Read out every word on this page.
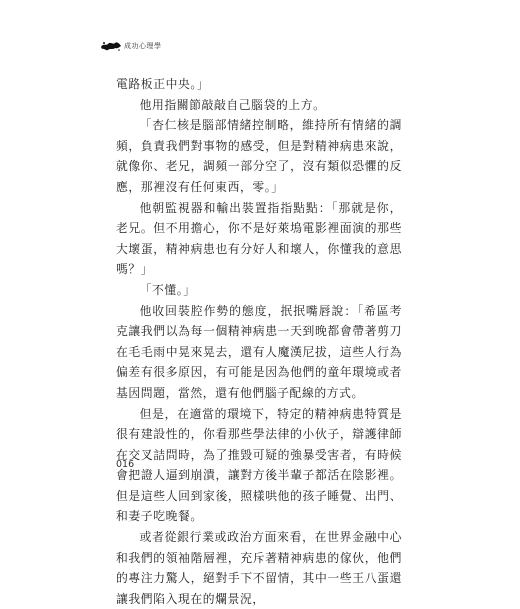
成功心理學

電路板正中央。」

他用指關節敲敲自己腦袋的上方。

「杏仁核是腦部情緒控制略，維持所有情緒的調頻，負責我們對事物的感受，但是對精神病患來說，就像你、老兄，調頻一部分空了，沒有類似恐懼的反應，那裡沒有任何東西，零。」

他朝監視器和輸出裝置指指點點：「那就是你，老兄。但不用擔心，你不是好萊塢電影裡面演的那些大壞蛋，精神病患也有分好人和壞人，你懂我的意思嗎？」

「不懂。」

他收回裝腔作勢的態度，抿抿嘴唇說：「希區考克讓我們以為每一個精神病患一天到晚都會帶著剪刀在毛毛雨中晃來晃去，還有人魔漢尼拔，這些人行為偏差有很多原因，有可能是因為他們的童年環境或者基因問題，當然，還有他們腦子配線的方式。

但是，在適當的環境下，特定的精神病患特質是很有建設性的，你看那些學法律的小伙子，辯護律師在交叉詰問時，為了推毀可疑的強暴受害者，有時候會把證人逼到崩潰，讓對方後半輩子都活在陰影裡。但是這些人回到家後，照樣哄他的孩子睡覺、出門、和妻子吃晚餐。

或者從銀行業或政治方面來看，在世界金融中心和我們的領袖階層裡，充斥著精神病患的傢伙，他們的專注力驚人，絕對手下不留情，其中一些王八蛋還讓我們陷入現在的爛景況，

016
